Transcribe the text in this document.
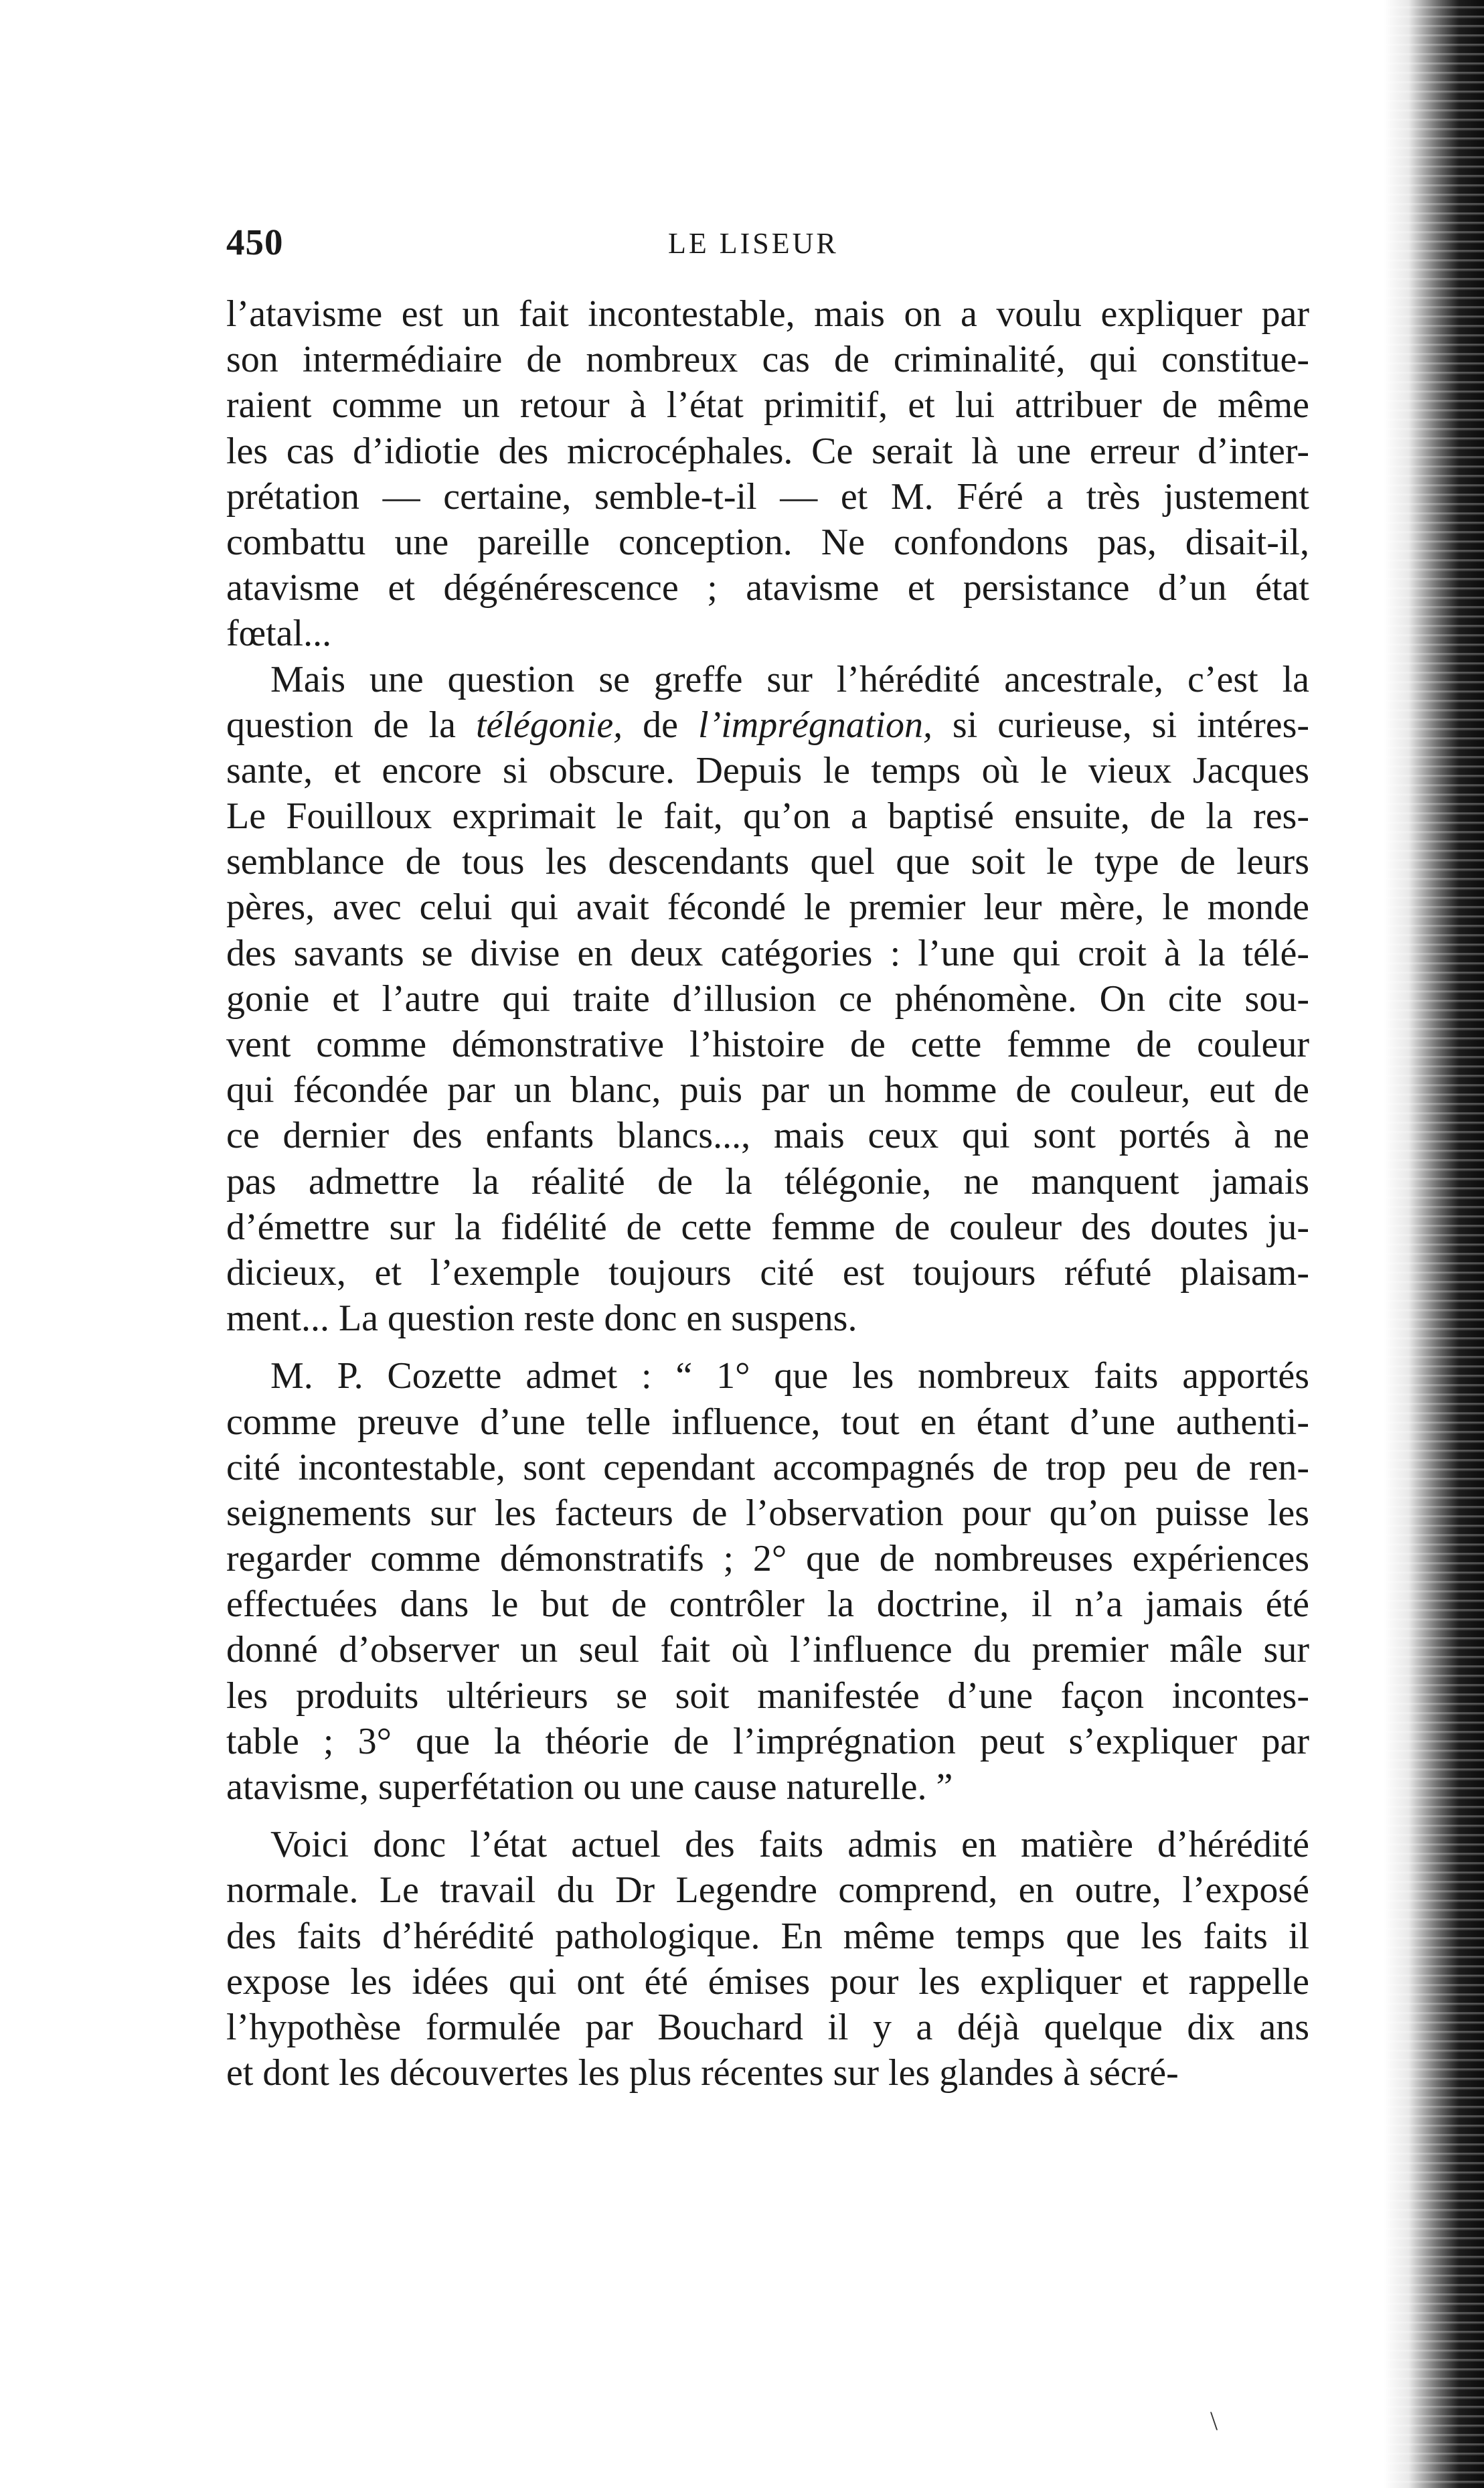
450	LE LISEUR
l’atavisme est un fait incontestable, mais on a voulu expliquer par
son intermédiaire de nombreux cas de criminalité, qui constitue-
raient comme un retour à l’état primitif, et lui attribuer de même
les cas d’idiotie des microcéphales. Ce serait là une erreur d’inter-
prétation — certaine, semble-t-il — et M. Féré a très justement
combattu une pareille conception. Ne confondons pas, disait-il,
atavisme et dégénérescence ; atavisme et persistance d’un état
fœtal...
Mais une question se greffe sur l’hérédité ancestrale, c’est la
question de la télégonie, de l’imprégnation, si curieuse, si intéres-
sante, et encore si obscure. Depuis le temps où le vieux Jacques
Le Fouilloux exprimait le fait, qu’on a baptisé ensuite, de la res-
semblance de tous les descendants quel que soit le type de leurs
pères, avec celui qui avait fécondé le premier leur mère, le monde
des savants se divise en deux catégories : l’une qui croit à la télé-
gonie et l’autre qui traite d’illusion ce phénomène. On cite sou-
vent comme démonstrative l’histoire de cette femme de couleur
qui fécondée par un blanc, puis par un homme de couleur, eut de
ce dernier des enfants blancs..., mais ceux qui sont portés à ne
pas admettre la réalité de la télégonie, ne manquent jamais
d’émettre sur la fidélité de cette femme de couleur des doutes ju-
dicieux, et l’exemple toujours cité est toujours réfuté plaisam-
ment... La question reste donc en suspens.
M. P. Cozette admet : “ 1° que les nombreux faits apportés
comme preuve d’une telle influence, tout en étant d’une authenti-
cité incontestable, sont cependant accompagnés de trop peu de ren-
seignements sur les facteurs de l’observation pour qu’on puisse les
regarder comme démonstratifs ; 2° que de nombreuses expériences
effectuées dans le but de contrôler la doctrine, il n’a jamais été
donné d’observer un seul fait où l’influence du premier mâle sur
les produits ultérieurs se soit manifestée d’une façon incontes-
table ; 3° que la théorie de l’imprégnation peut s’expliquer par
atavisme, superfétation ou une cause naturelle. ”
Voici donc l’état actuel des faits admis en matière d’hérédité
normale. Le travail du Dr Legendre comprend, en outre, l’exposé
des faits d’hérédité pathologique. En même temps que les faits il
expose les idées qui ont été émises pour les expliquer et rappelle
l’hypothèse formulée par Bouchard il y a déjà quelque dix ans
et dont les découvertes les plus récentes sur les glandes à sécré-
\
